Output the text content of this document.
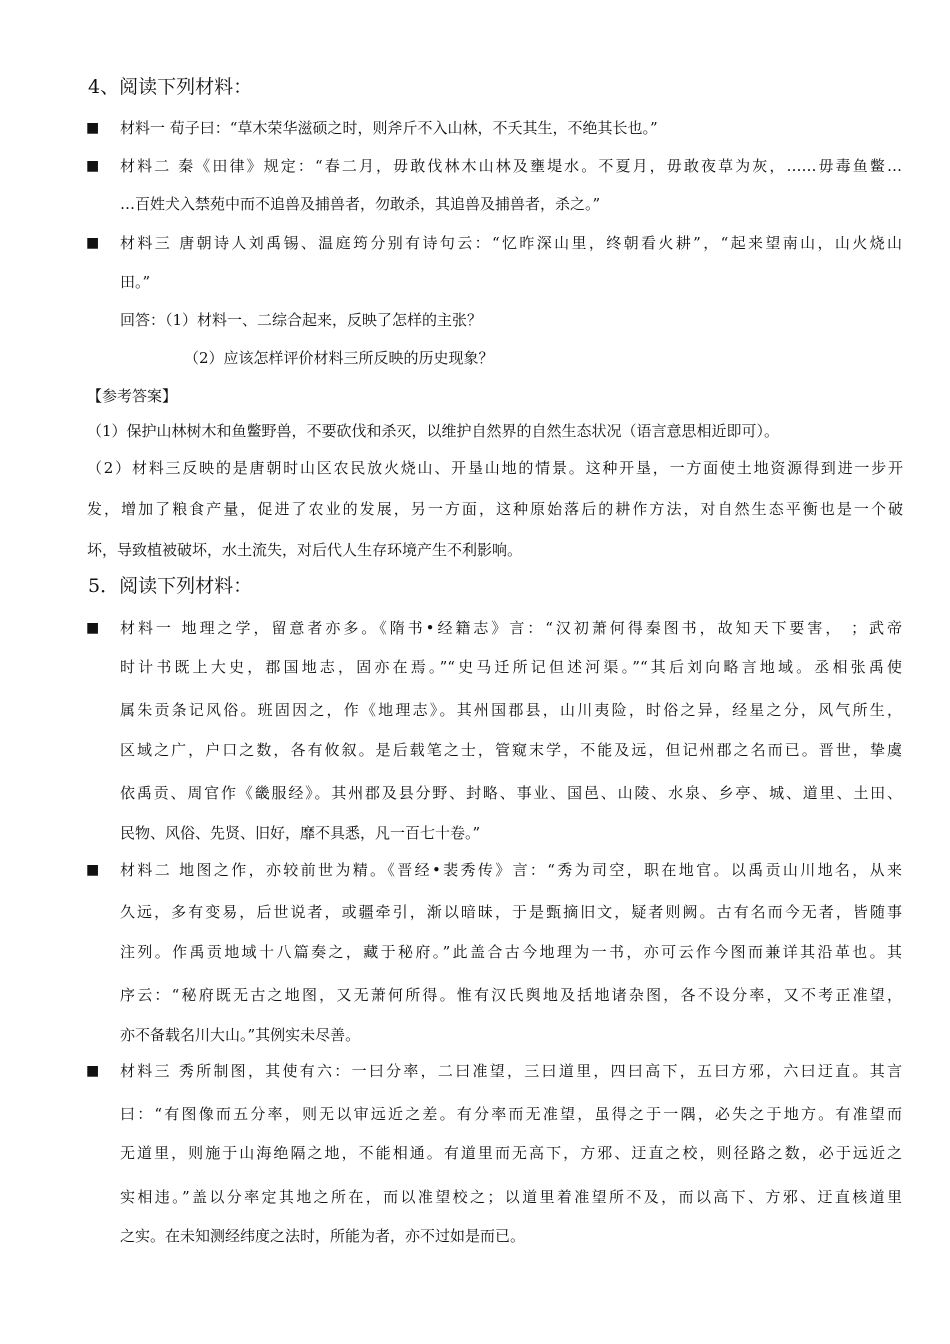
4、阅读下列材料：
■ 材料一 荀子曰：“草木荣华滋硕之时，则斧斤不入山林，不夭其生，不绝其长也。”
■ 材料二 秦《田律》规定：“春二月，毋敢伐林木山林及壅堤水。不夏月，毋敢夜草为灰，……毋毒鱼鳖…
…百姓犬入禁苑中而不追兽及捕兽者，勿敢杀，其追兽及捕兽者，杀之。”
■ 材料三 唐朝诗人刘禹锡、温庭筠分别有诗句云：“忆昨深山里，终朝看火耕”，“起来望南山，山火烧山
田。”
回答：（1）材料一、二综合起来，反映了怎样的主张？
（2）应该怎样评价材料三所反映的历史现象？
【参考答案】
（1）保护山林树木和鱼鳖野兽，不要砍伐和杀灭，以维护自然界的自然生态状况（语言意思相近即可）。
（2）材料三反映的是唐朝时山区农民放火烧山、开垦山地的情景。这种开垦，一方面使土地资源得到进一步开
发，增加了粮食产量，促进了农业的发展，另一方面，这种原始落后的耕作方法，对自然生态平衡也是一个破
坏，导致植被破坏，水土流失，对后代人生存环境产生不利影响。
5．阅读下列材料：
■ 材料一 地理之学，留意者亦多。《隋书•经籍志》言：“汉初萧何得秦图书，故知天下要害， ；武帝
时计书既上大史，郡国地志，固亦在焉。”“史马迁所记但述河渠。”“其后刘向略言地域。丞相张禹使
属朱贡条记风俗。班固因之，作《地理志》。其州国郡县，山川夷险，时俗之异，经星之分，风气所生，
区域之广，户口之数，各有攸叙。是后载笔之士，管窥末学，不能及远，但记州郡之名而已。晋世，挚虞
依禹贡、周官作《畿服经》。其州郡及县分野、封略、事业、国邑、山陵、水泉、乡亭、城、道里、土田、
民物、风俗、先贤、旧好，靡不具悉，凡一百七十卷。”
■ 材料二 地图之作，亦较前世为精。《晋经•裴秀传》言：“秀为司空，职在地官。以禹贡山川地名，从来
久远，多有变易，后世说者，或疆牵引，渐以暗昧，于是甄摘旧文，疑者则阙。古有名而今无者，皆随事
注列。作禹贡地域十八篇奏之，藏于秘府。”此盖合古今地理为一书，亦可云作今图而兼详其沿革也。其
序云：“秘府既无古之地图，又无萧何所得。惟有汉氏舆地及括地诸杂图，各不设分率，又不考正准望，
亦不备载名川大山。”其例实未尽善。
■ 材料三 秀所制图，其使有六：一曰分率，二曰准望，三曰道里，四曰高下，五曰方邪，六曰迂直。其言
曰：“有图像而五分率，则无以审远近之差。有分率而无准望，虽得之于一隅，必失之于地方。有准望而
无道里，则施于山海绝隔之地，不能相通。有道里而无高下，方邪、迂直之校，则径路之数，必于远近之
实相违。”盖以分率定其地之所在，而以准望校之；以道里着准望所不及，而以高下、方邪、迂直核道里
之实。在未知测经纬度之法时，所能为者，亦不过如是而已。
